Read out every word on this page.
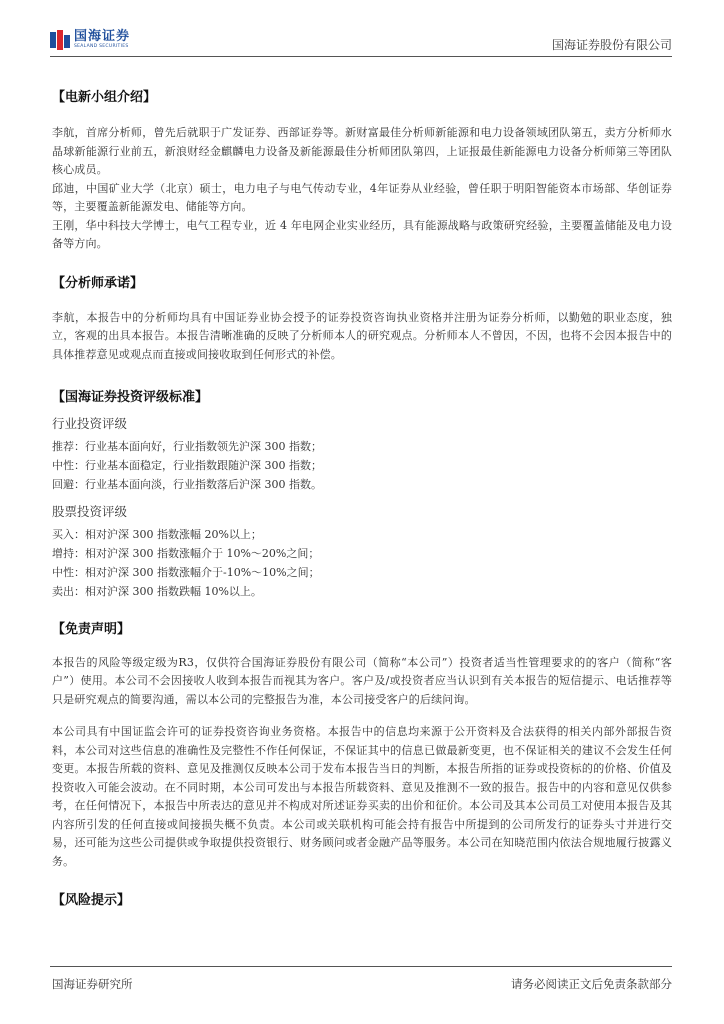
国海证券
SEALAND SECURITIES	国海证券股份有限公司

【电新小组介绍】

李航，首席分析师，曾先后就职于广发证券、西部证券等。新财富最佳分析师新能源和电力设备领域团队第五，卖方分析师水晶球新能源行业前五，新浪财经金麒麟电力设备及新能源最佳分析师团队第四，上证报最佳新能源电力设备分析师第三等团队核心成员。

邱迪，中国矿业大学（北京）硕士，电力电子与电气传动专业，4年证券从业经验，曾任职于明阳智能资本市场部、华创证券等，主要覆盖新能源发电、储能等方向。

王刚，华中科技大学博士，电气工程专业，近 4 年电网企业实业经历，具有能源战略与政策研究经验，主要覆盖储能及电力设备等方向。

【分析师承诺】

李航，本报告中的分析师均具有中国证券业协会授予的证券投资咨询执业资格并注册为证券分析师，以勤勉的职业态度，独立，客观的出具本报告。本报告清晰准确的反映了分析师本人的研究观点。分析师本人不曾因，不因，也将不会因本报告中的具体推荐意见或观点而直接或间接收取到任何形式的补偿。

【国海证券投资评级标准】

行业投资评级

推荐：行业基本面向好，行业指数领先沪深 300 指数；

中性：行业基本面稳定，行业指数跟随沪深 300 指数；

回避：行业基本面向淡，行业指数落后沪深 300 指数。

股票投资评级

买入：相对沪深 300 指数涨幅 20%以上；

增持：相对沪深 300 指数涨幅介于 10%～20%之间；

中性：相对沪深 300 指数涨幅介于-10%～10%之间；

卖出：相对沪深 300 指数跌幅 10%以上。

【免责声明】

本报告的风险等级定级为R3，仅供符合国海证券股份有限公司（简称“本公司”）投资者适当性管理要求的的客户（简称“客户”）使用。本公司不会因接收人收到本报告而视其为客户。客户及/或投资者应当认识到有关本报告的短信提示、电话推荐等只是研究观点的简要沟通，需以本公司的完整报告为准，本公司接受客户的后续问询。

本公司具有中国证监会许可的证券投资咨询业务资格。本报告中的信息均来源于公开资料及合法获得的相关内部外部报告资料，本公司对这些信息的准确性及完整性不作任何保证，不保证其中的信息已做最新变更，也不保证相关的建议不会发生任何变更。本报告所载的资料、意见及推测仅反映本公司于发布本报告当日的判断，本报告所指的证券或投资标的的价格、价值及投资收入可能会波动。在不同时期，本公司可发出与本报告所载资料、意见及推测不一致的报告。报告中的内容和意见仅供参考，在任何情况下，本报告中所表达的意见并不构成对所述证券买卖的出价和征价。本公司及其本公司员工对使用本报告及其内容所引发的任何直接或间接损失概不负责。本公司或关联机构可能会持有报告中所提到的公司所发行的证券头寸并进行交易，还可能为这些公司提供或争取提供投资银行、财务顾问或者金融产品等服务。本公司在知晓范围内依法合规地履行披露义务。

【风险提示】

国海证券研究所	请务必阅读正文后免责条款部分
